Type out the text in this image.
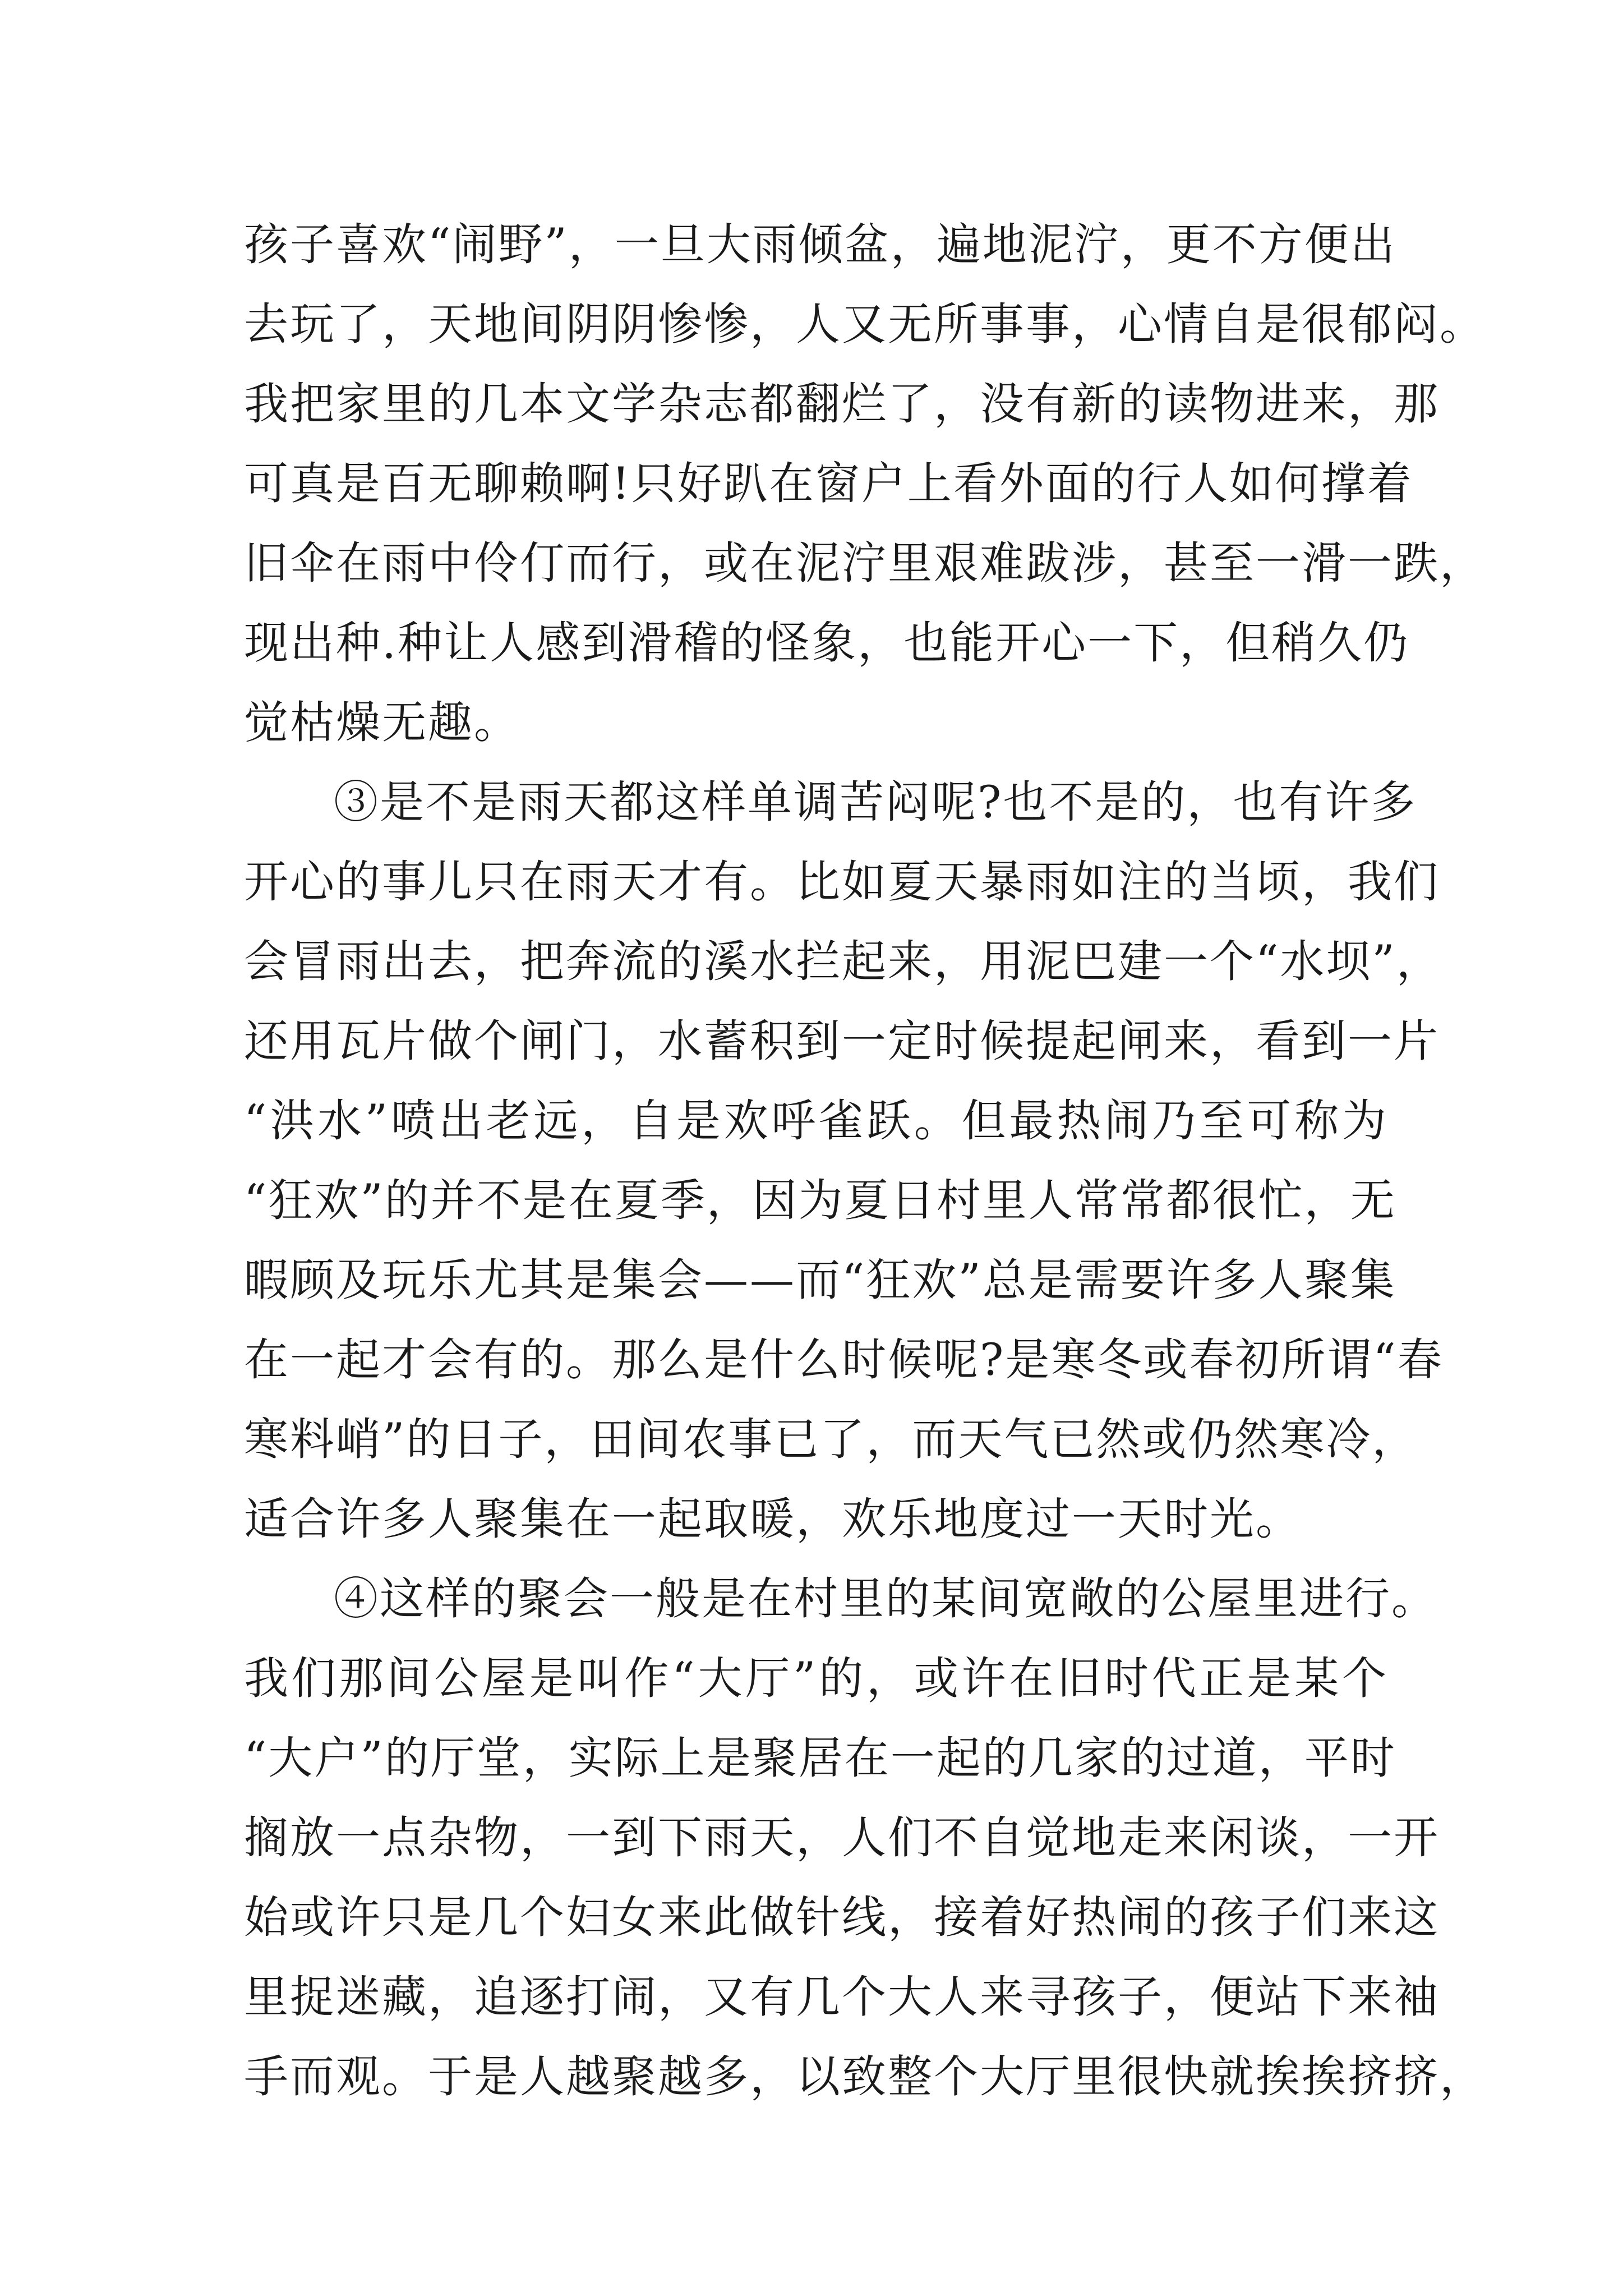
孩子喜欢“闹野”，一旦大雨倾盆，遍地泥泞，更不方便出
去玩了，天地间阴阴惨惨，人又无所事事，心情自是很郁闷。
我把家里的几本文学杂志都翻烂了，没有新的读物进来，那
可真是百无聊赖啊!只好趴在窗户上看外面的行人如何撑着
旧伞在雨中伶仃而行，或在泥泞里艰难跋涉，甚至一滑一跌，
现出种.种让人感到滑稽的怪象，也能开心一下，但稍久仍
觉枯燥无趣。
③是不是雨天都这样单调苦闷呢?也不是的，也有许多
开心的事儿只在雨天才有。比如夏天暴雨如注的当顷，我们
会冒雨出去，把奔流的溪水拦起来，用泥巴建一个“水坝”，
还用瓦片做个闸门，水蓄积到一定时候提起闸来，看到一片
“洪水”喷出老远，自是欢呼雀跃。但最热闹乃至可称为
“狂欢”的并不是在夏季，因为夏日村里人常常都很忙，无
暇顾及玩乐尤其是集会——而“狂欢”总是需要许多人聚集
在一起才会有的。那么是什么时候呢?是寒冬或春初所谓“春
寒料峭”的日子，田间农事已了，而天气已然或仍然寒冷，
适合许多人聚集在一起取暖，欢乐地度过一天时光。
④这样的聚会一般是在村里的某间宽敞的公屋里进行。
我们那间公屋是叫作“大厅”的，或许在旧时代正是某个
“大户”的厅堂，实际上是聚居在一起的几家的过道，平时
搁放一点杂物，一到下雨天，人们不自觉地走来闲谈，一开
始或许只是几个妇女来此做针线，接着好热闹的孩子们来这
里捉迷藏，追逐打闹，又有几个大人来寻孩子，便站下来袖
手而观。于是人越聚越多，以致整个大厅里很快就挨挨挤挤，
